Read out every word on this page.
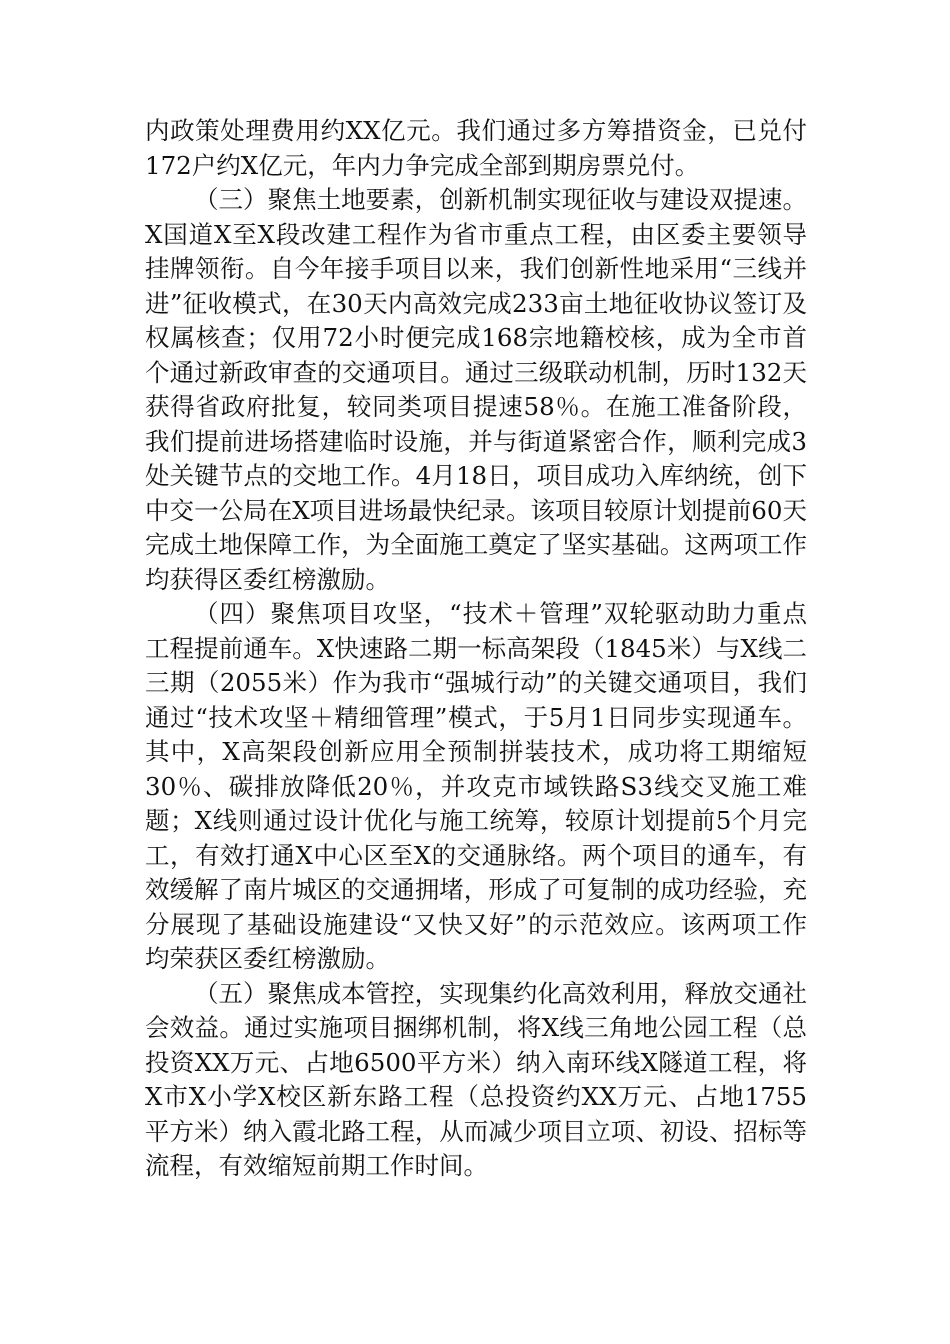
内政策处理费用约XX亿元。我们通过多方筹措资金，已兑付172户约X亿元，年内力争完成全部到期房票兑付。

（三）聚焦土地要素，创新机制实现征收与建设双提速。X国道X至X段改建工程作为省市重点工程，由区委主要领导挂牌领衔。自今年接手项目以来，我们创新性地采用“三线并进”征收模式，在30天内高效完成233亩土地征收协议签订及权属核查；仅用72小时便完成168宗地籍校核，成为全市首个通过新政审查的交通项目。通过三级联动机制，历时132天获得省政府批复，较同类项目提速58％。在施工准备阶段，我们提前进场搭建临时设施，并与街道紧密合作，顺利完成3处关键节点的交地工作。4月18日，项目成功入库纳统，创下中交一公局在X项目进场最快纪录。该项目较原计划提前60天完成土地保障工作，为全面施工奠定了坚实基础。这两项工作均获得区委红榜激励。

（四）聚焦项目攻坚，“技术＋管理”双轮驱动助力重点工程提前通车。X快速路二期一标高架段（1845米）与X线二三期（2055米）作为我市“强城行动”的关键交通项目，我们通过“技术攻坚＋精细管理”模式，于5月1日同步实现通车。其中，X高架段创新应用全预制拼装技术，成功将工期缩短30％、碳排放降低20％，并攻克市域铁路S3线交叉施工难题；X线则通过设计优化与施工统筹，较原计划提前5个月完工，有效打通X中心区至X的交通脉络。两个项目的通车，有效缓解了南片城区的交通拥堵，形成了可复制的成功经验，充分展现了基础设施建设“又快又好”的示范效应。该两项工作均荣获区委红榜激励。

（五）聚焦成本管控，实现集约化高效利用，释放交通社会效益。通过实施项目捆绑机制，将X线三角地公园工程（总投资XX万元、占地6500平方米）纳入南环线X隧道工程，将X市X小学X校区新东路工程（总投资约XX万元、占地1755平方米）纳入霞北路工程，从而减少项目立项、初设、招标等流程，有效缩短前期工作时间。
